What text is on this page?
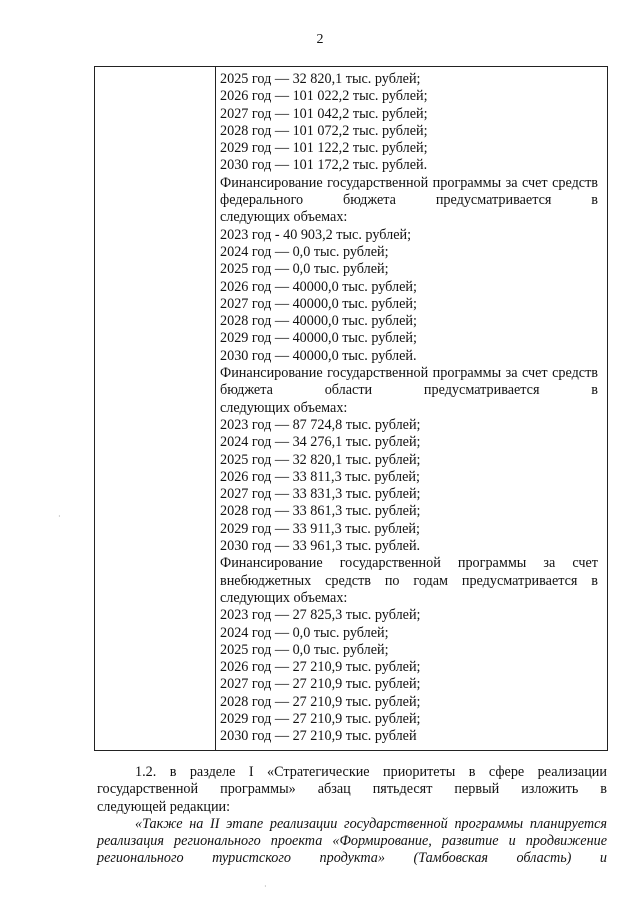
2
2025 год — 32 820,1 тыс. рублей;
2026 год — 101 022,2 тыс. рублей;
2027 год — 101 042,2 тыс. рублей;
2028 год — 101 072,2 тыс. рублей;
2029 год — 101 122,2 тыс. рублей;
2030 год — 101 172,2 тыс. рублей.
Финансирование государственной программы за счет средств федерального бюджета предусматривается в
следующих объемах:
2023 год - 40 903,2 тыс. рублей;
2024 год — 0,0 тыс. рублей;
2025 год — 0,0 тыс. рублей;
2026 год — 40000,0 тыс. рублей;
2027 год — 40000,0 тыс. рублей;
2028 год — 40000,0 тыс. рублей;
2029 год — 40000,0 тыс. рублей;
2030 год — 40000,0 тыс. рублей.
Финансирование государственной программы за счет средств бюджета области предусматривается в
следующих объемах:
2023 год — 87 724,8 тыс. рублей;
2024 год — 34 276,1 тыс. рублей;
2025 год — 32 820,1 тыс. рублей;
2026 год — 33 811,3 тыс. рублей;
2027 год — 33 831,3 тыс. рублей;
2028 год — 33 861,3 тыс. рублей;
2029 год — 33 911,3 тыс. рублей;
2030 год — 33 961,3 тыс. рублей.
Финансирование государственной программы за счет внебюджетных средств по годам предусматривается в
следующих объемах:
2023 год — 27 825,3 тыс. рублей;
2024 год — 0,0 тыс. рублей;
2025 год — 0,0 тыс. рублей;
2026 год — 27 210,9 тыс. рублей;
2027 год — 27 210,9 тыс. рублей;
2028 год — 27 210,9 тыс. рублей;
2029 год — 27 210,9 тыс. рублей;
2030 год — 27 210,9 тыс. рублей
1.2. в разделе I «Стратегические приоритеты в сфере реализации государственной программы» абзац пятьдесят первый изложить в
следующей редакции:
«Также на II этапе реализации государственной программы планируется реализация регионального проекта «Формирование, развитие и продвижение регионального туристского продукта» (Тамбовская область) и
·
·
